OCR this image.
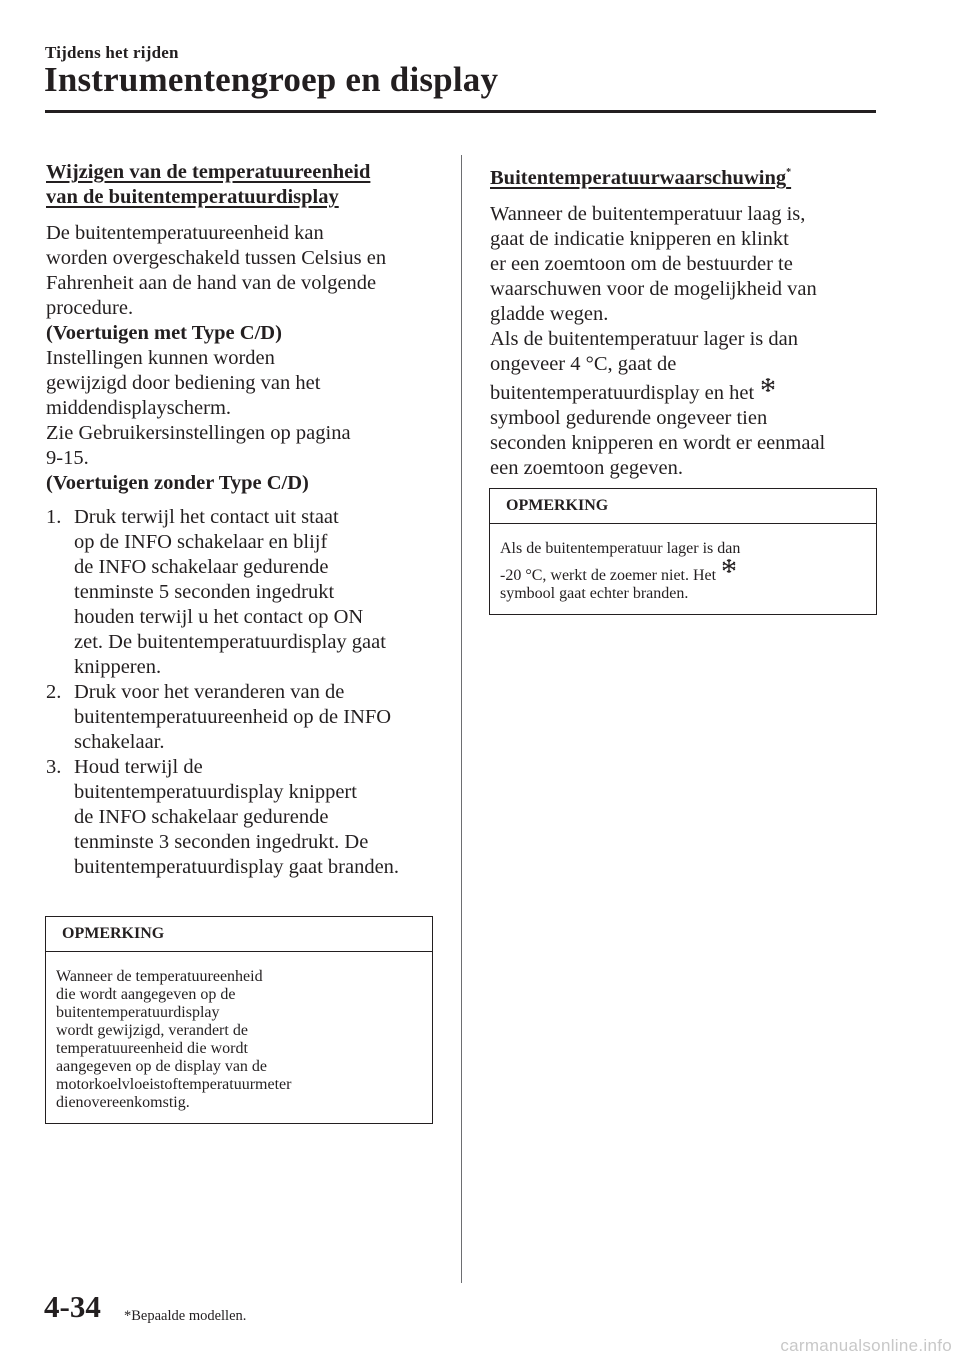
Tijdens het rijden
Instrumentengroep en display
Wijzigen van de temperatuureenheid
van de buitentemperatuurdisplay

De buitentemperatuureenheid kan
worden overgeschakeld tussen Celsius en
Fahrenheit aan de hand van de volgende
procedure.

(Voertuigen met Type C/D)

Instellingen kunnen worden
gewijzigd door bediening van het
middendisplayscherm.
Zie Gebruikersinstellingen op pagina
9-15.

(Voertuigen zonder Type C/D)

1. Druk terwijl het contact uit staat
op de INFO schakelaar en blijf
de INFO schakelaar gedurende
tenminste 5 seconden ingedrukt
houden terwijl u het contact op ON
zet. De buitentemperatuurdisplay gaat
knipperen.
2. Druk voor het veranderen van de
buitentemperatuureenheid op de INFO
schakelaar.
3. Houd terwijl de
buitentemperatuurdisplay knippert
de INFO schakelaar gedurende
tenminste 3 seconden ingedrukt. De
buitentemperatuurdisplay gaat branden.
OPMERKING
Wanneer de temperatuureenheid
die wordt aangegeven op de
buitentemperatuurdisplay
wordt gewijzigd, verandert de
temperatuureenheid die wordt
aangegeven op de display van de
motorkoelvloeistoftemperatuurmeter
dienovereenkomstig.
Buitentemperatuurwaarschuwing*

Wanneer de buitentemperatuur laag is,
gaat de indicatie knipperen en klinkt
er een zoemtoon om de bestuurder te
waarschuwen voor de mogelijkheid van
gladde wegen.

Als de buitentemperatuur lager is dan
ongeveer 4 °C, gaat de
buitentemperatuurdisplay en het
symbool gedurende ongeveer tien
seconden knipperen en wordt er eenmaal
een zoemtoon gegeven.

OPMERKING
Als de buitentemperatuur lager is dan
-20 °C, werkt de zoemer niet. Het
symbool gaat echter branden.
4-34 *Bepaalde modellen.
carmanualsonline.info
